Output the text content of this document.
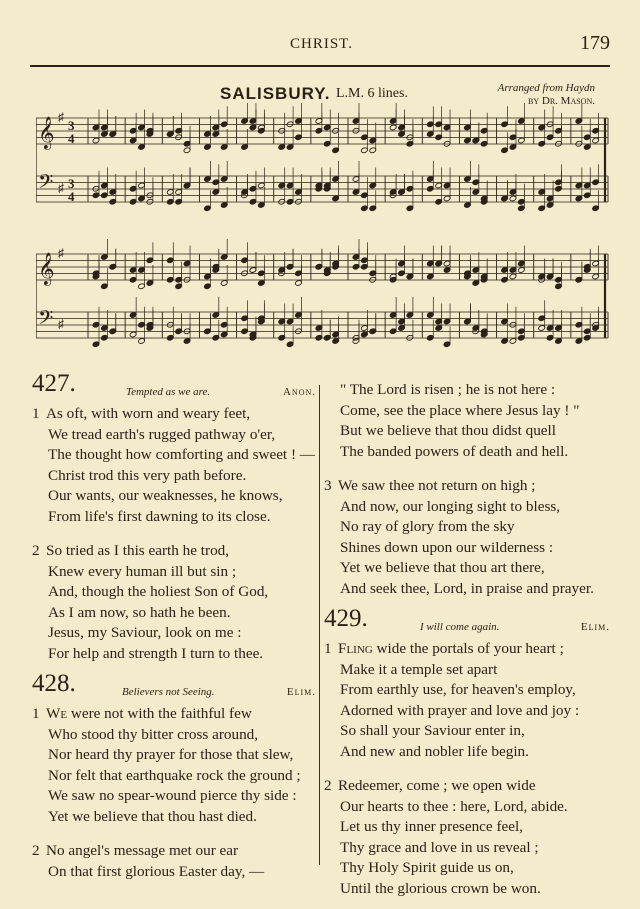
CHRIST.	179
SALISBURY. L.M. 6 lines.	Arranged from Haydn
by Dr. Mason.
𝄞
𝄢
♯
♯
3
4
3
4
𝄞
𝄢
♯
♯
427.	Tempted as we are.	Anon.
1 As oft, with worn and weary feet,
We tread earth's rugged pathway o'er,
The thought how comforting and sweet ! —
Christ trod this very path before.
Our wants, our weaknesses, he knows,
From life's first dawning to its close.
2 So tried as I this earth he trod,
Knew every human ill but sin ;
And, though the holiest Son of God,
As I am now, so hath he been.
Jesus, my Saviour, look on me :
For help and strength I turn to thee.
428.	Believers not Seeing.	Elim.
1 We were not with the faithful few
Who stood thy bitter cross around,
Nor heard thy prayer for those that slew,
Nor felt that earthquake rock the ground ;
We saw no spear-wound pierce thy side :
Yet we believe that thou hast died.
2 No angel's message met our ear
On that first glorious Easter day, —
" The Lord is risen ; he is not here :
Come, see the place where Jesus lay ! "
But we believe that thou didst quell
The banded powers of death and hell.
3 We saw thee not return on high ;
And now, our longing sight to bless,
No ray of glory from the sky
Shines down upon our wilderness :
Yet we believe that thou art there,
And seek thee, Lord, in praise and prayer.
429.	I will come again.	Elim.
1 Fling wide the portals of your heart ;
Make it a temple set apart
From earthly use, for heaven's employ,
Adorned with prayer and love and joy :
So shall your Saviour enter in,
And new and nobler life begin.
2 Redeemer, come ; we open wide
Our hearts to thee : here, Lord, abide.
Let us thy inner presence feel,
Thy grace and love in us reveal ;
Thy Holy Spirit guide us on,
Until the glorious crown be won.
